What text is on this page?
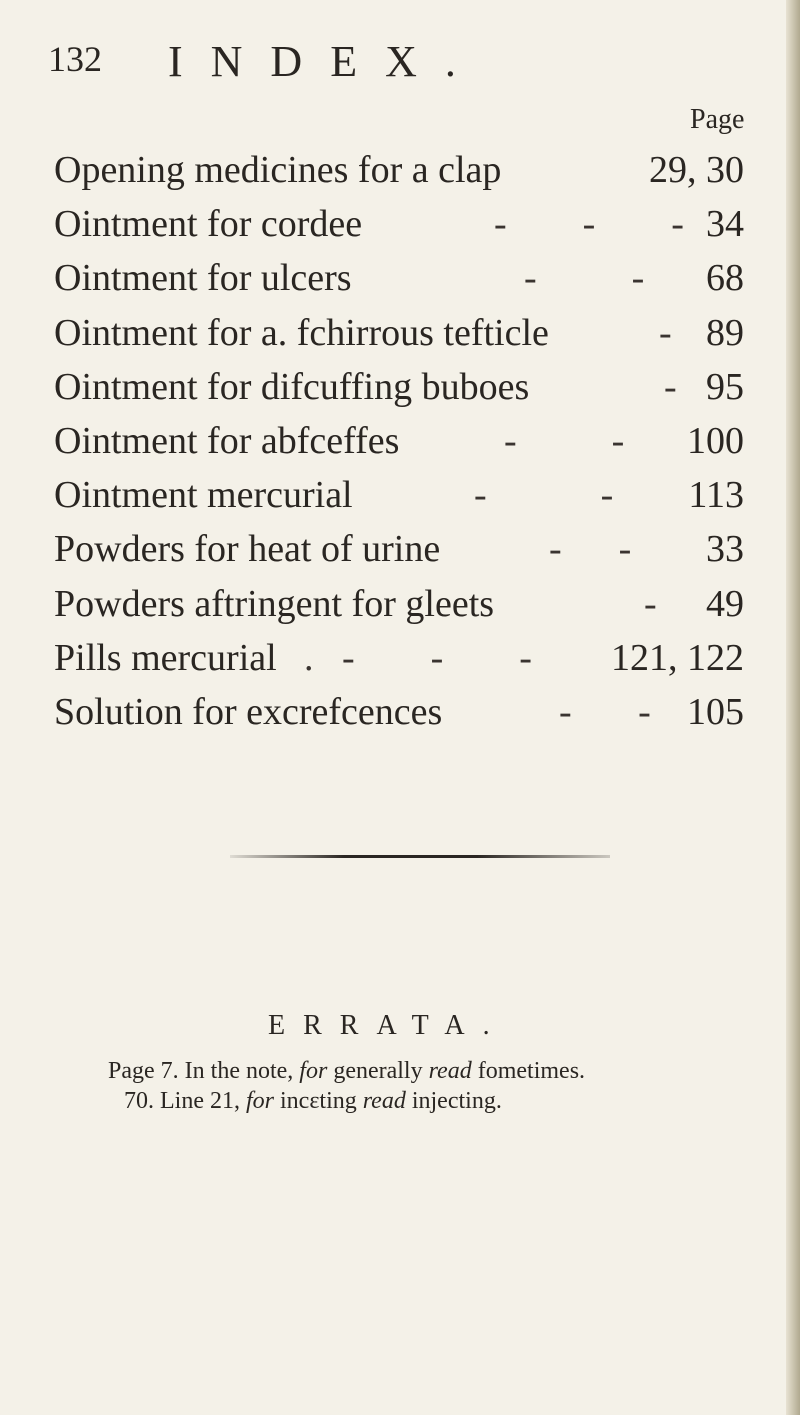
132 INDEX.
Page
Opening medicines for a clap	29, 30
Ointment for cordee	-        -        - 34
Ointment for ulcers	-          - 68
Ointment for a. fchirrous tefticle	- 89
Ointment for difcuffing buboes	- 95
Ointment for abfceffes	-          - 100
Ointment mercurial	-            - 113
Powders for heat of urine	-      - 33
Powders aftringent for gleets	- 49
Pills mercurial .   -        -        - 121, 122
Solution for excrefcences	-       - 105
ERRATA.
Page 7. In the note, for generally read fometimes.
70. Line 21, for incεting read injecting.
